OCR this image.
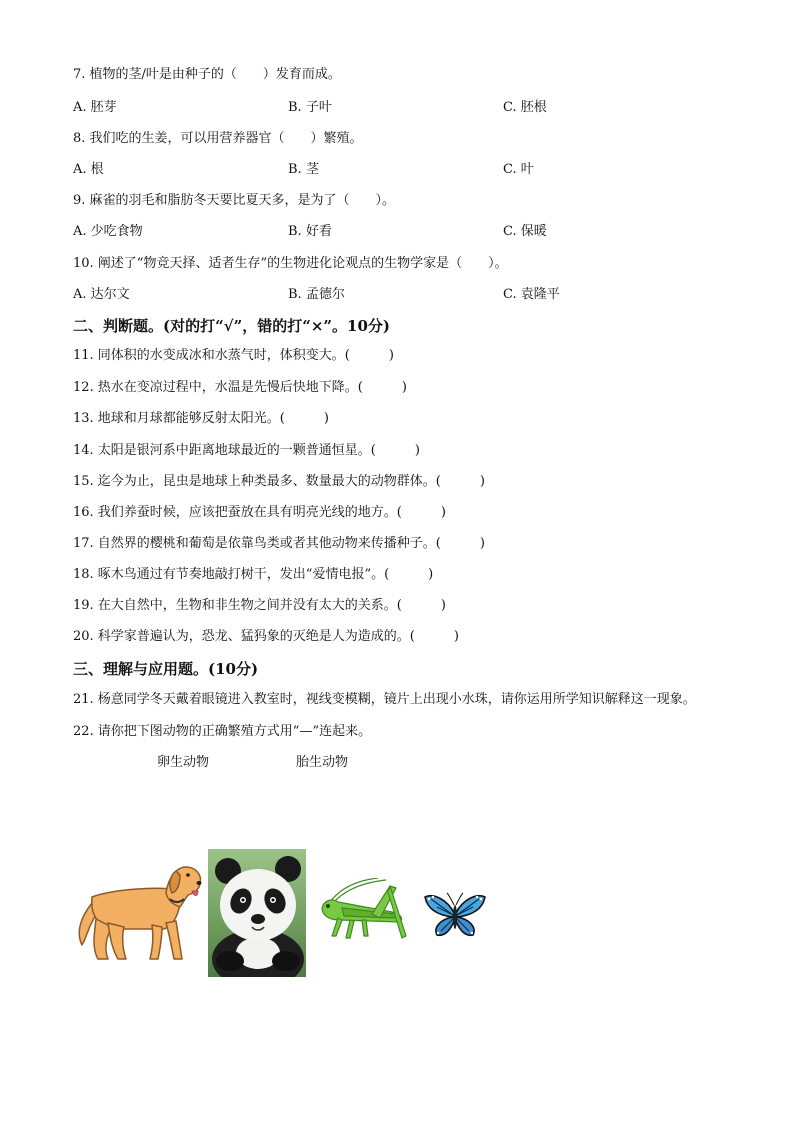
7. 植物的茎/叶是由种子的（　　）发育而成。
A. 胚芽	B. 子叶	C. 胚根
8. 我们吃的生姜，可以用营养器官（　　）繁殖。
A. 根	B. 茎	C. 叶
9. 麻雀的羽毛和脂肪冬天要比夏天多，是为了（　　）。
A. 少吃食物	B. 好看	C. 保暖
10. 阐述了“物竞天择、适者生存”的生物进化论观点的生物学家是（　　）。
A. 达尔文	B. 孟德尔	C. 袁隆平
二、判断题。(对的打“√”，错的打“×”。10分)
11. 同体积的水变成冰和水蒸气时，体积变大。(　　　)
12. 热水在变凉过程中，水温是先慢后快地下降。(　　　)
13. 地球和月球都能够反射太阳光。(　　　)
14. 太阳是银河系中距离地球最近的一颗普通恒星。(　　　)
15. 迄今为止，昆虫是地球上种类最多、数量最大的动物群体。(　　　)
16. 我们养蚕时候，应该把蚕放在具有明亮光线的地方。(　　　)
17. 自然界的樱桃和葡萄是依靠鸟类或者其他动物来传播种子。(　　　)
18. 啄木鸟通过有节奏地敲打树干，发出“爱情电报”。(　　　)
19. 在大自然中，生物和非生物之间并没有太大的关系。(　　　)
20. 科学家普遍认为，恐龙、猛犸象的灭绝是人为造成的。(　　　)
三、理解与应用题。(10分)
21. 杨意同学冬天戴着眼镜进入教室时，视线变模糊，镜片上出现小水珠，请你运用所学知识解释这一现象。
22. 请你把下图动物的正确繁殖方式用“—”连起来。
卵生动物	胎生动物
